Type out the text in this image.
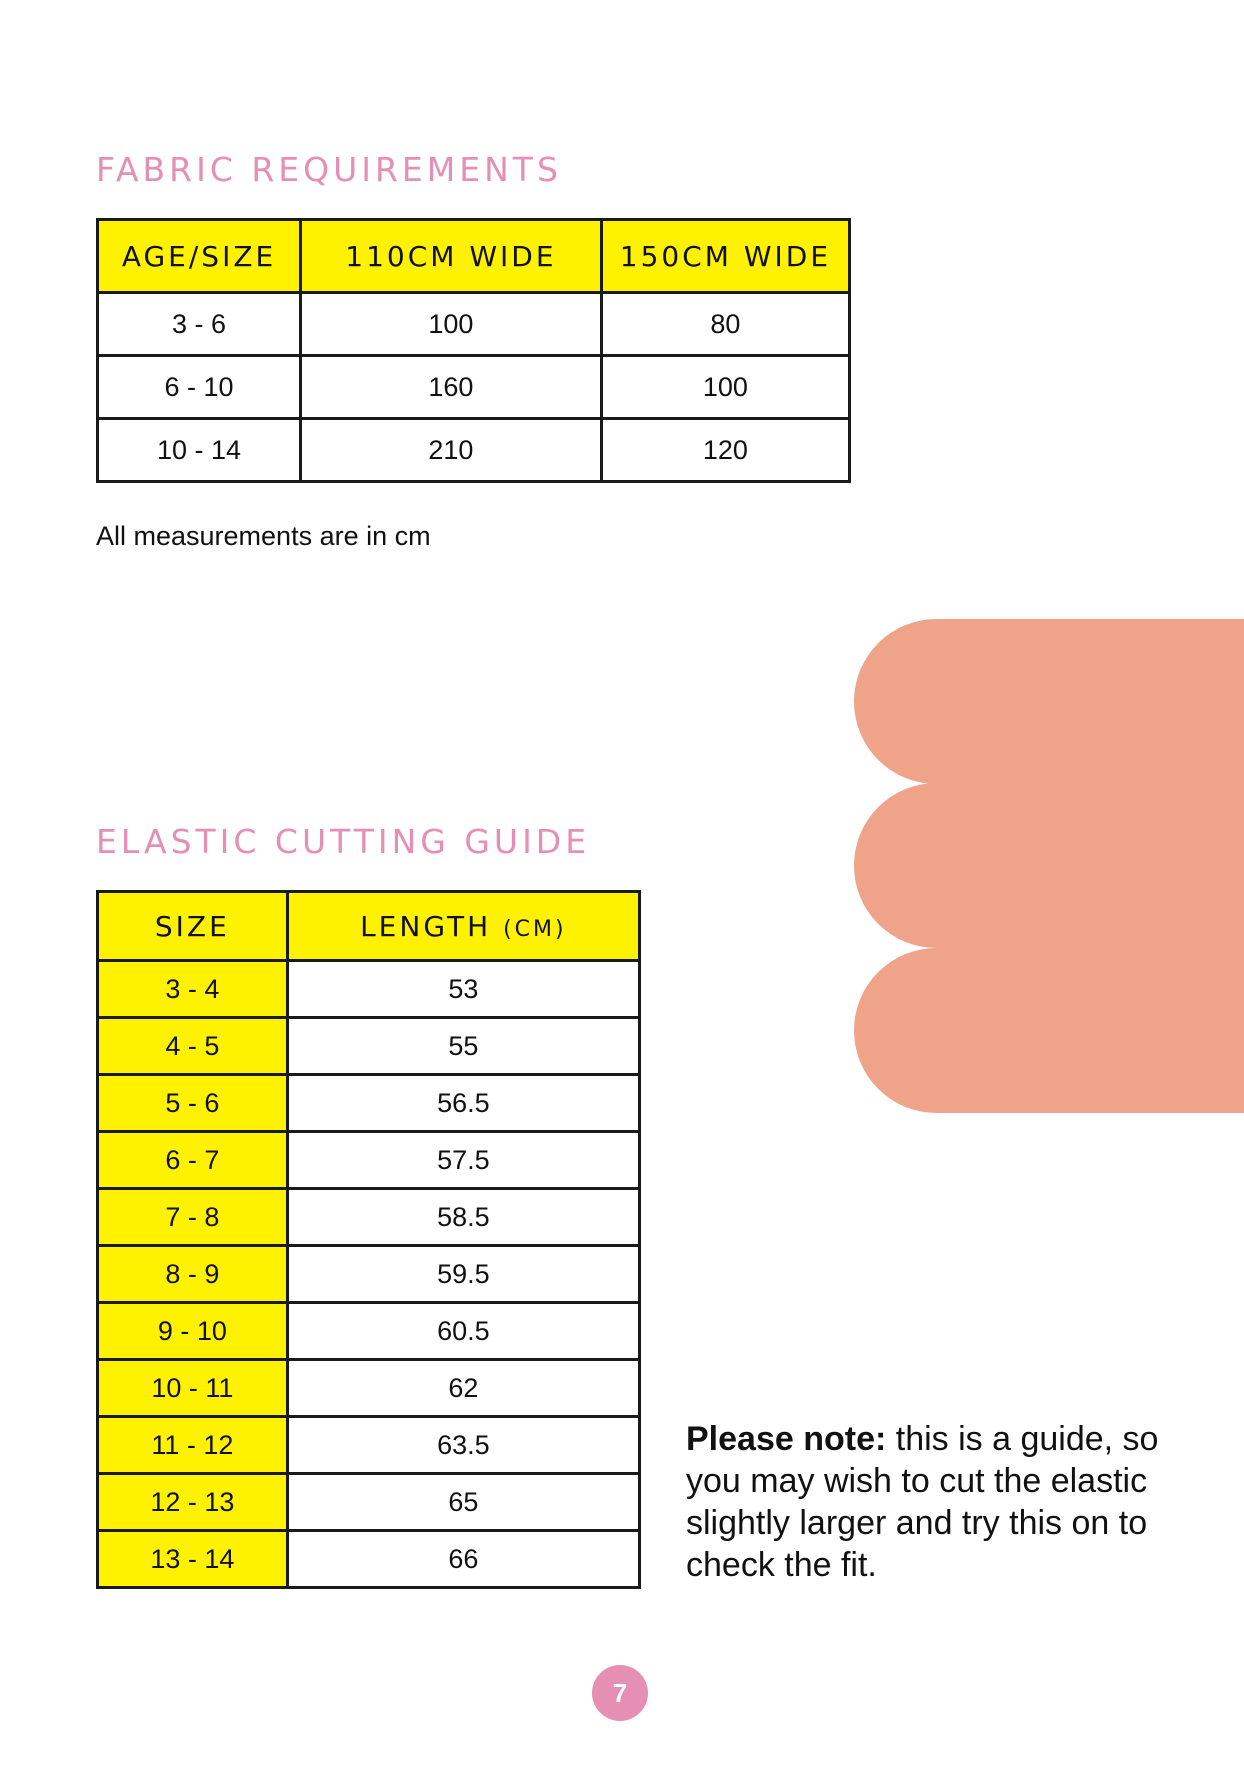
FABRIC REQUIREMENTS
AGE/SIZE	110CM WIDE	150CM WIDE
3 - 6	100	80
6 - 10	160	100
10 - 14	210	120
All measurements are in cm
ELASTIC CUTTING GUIDE
SIZE	LENGTH (CM)
3 - 4	53
4 - 5	55
5 - 6	56.5
6 - 7	57.5
7 - 8	58.5
8 - 9	59.5
9 - 10	60.5
10 - 11	62
11 - 12	63.5
12 - 13	65
13 - 14	66
Please note: this is a guide, so you may wish to cut the elastic slightly larger and try this on to check the fit.
7
